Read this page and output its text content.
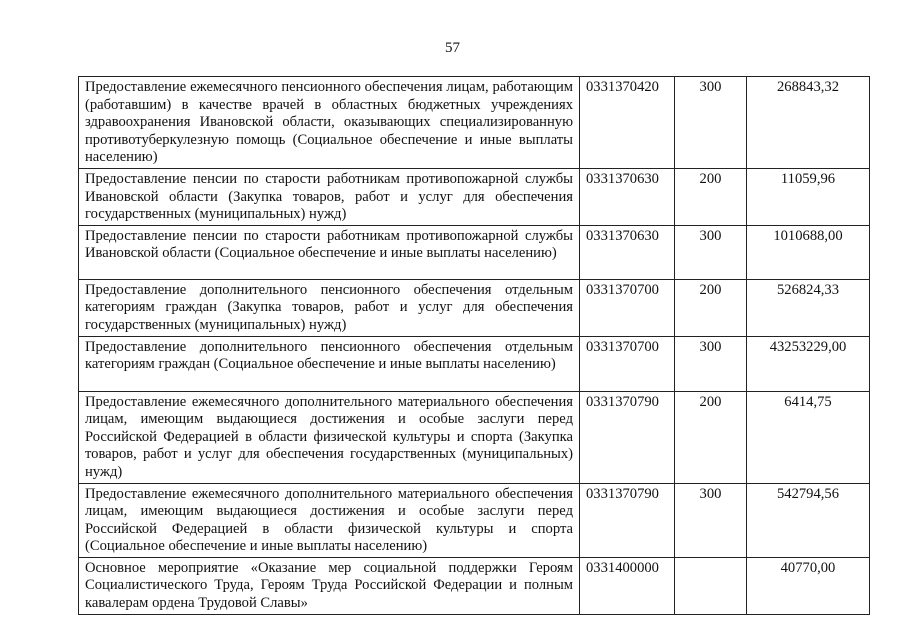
57
Предоставление ежемесячного пенсионного обеспечения лицам, работающим (работавшим) в качестве врачей в областных бюджетных учреждениях здравоохранения Ивановской области, оказывающих специализированную противотуберкулезную помощь (Социальное обеспечение и иные выплаты населению)	0331370420	300	268843,32
Предоставление пенсии по старости работникам противопожарной службы Ивановской области (Закупка товаров, работ и услуг для обеспечения государственных (муниципальных) нужд)	0331370630	200	11059,96
Предоставление пенсии по старости работникам противопожарной службы Ивановской области (Социальное обеспечение и иные выплаты населению)	0331370630	300	1010688,00
Предоставление дополнительного пенсионного обеспечения отдельным категориям граждан (Закупка товаров, работ и услуг для обеспечения государственных (муниципальных) нужд)	0331370700	200	526824,33
Предоставление дополнительного пенсионного обеспечения отдельным категориям граждан (Социальное обеспечение и иные выплаты населению)	0331370700	300	43253229,00
Предоставление ежемесячного дополнительного материального обеспечения лицам, имеющим выдающиеся достижения и особые заслуги перед Российской Федерацией в области физической культуры и спорта (Закупка товаров, работ и услуг для обеспечения государственных (муниципальных) нужд)	0331370790	200	6414,75
Предоставление ежемесячного дополнительного материального обеспечения лицам, имеющим выдающиеся достижения и особые заслуги перед Российской Федерацией в области физической культуры и спорта (Социальное обеспечение и иные выплаты населению)	0331370790	300	542794,56
Основное мероприятие «Оказание мер социальной поддержки Героям Социалистического Труда, Героям Труда Российской Федерации и полным кавалерам ордена Трудовой Славы»	0331400000		40770,00
